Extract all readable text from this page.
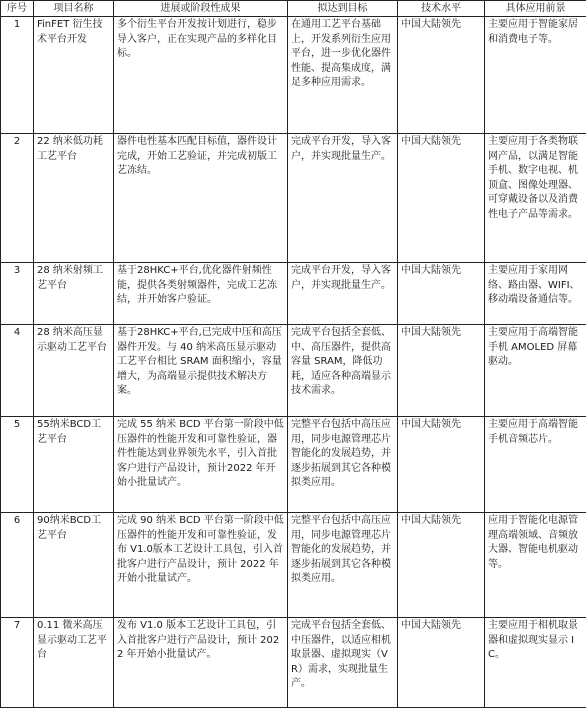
序号	项目名称	进展或阶段性成果	拟达到目标	技术水平	具体应用前景
1	FinFET 衍生技术平台开发	多个衍生平台开发按计划进行，稳步导入客户，正在实现产品的多样化目标。	在通用工艺平台基础上，开发系列衍生应用平台，进一步优化器件性能、提高集成度，满足多种应用需求。	中国大陆领先	主要应用于智能家居和消费电子等。
2	22 纳米低功耗工艺平台	器件电性基本匹配目标值，器件设计完成，开始工艺验证，并完成初版工艺冻结。	完成平台开发，导入客户，并实现批量生产。	中国大陆领先	主要应用于各类物联网产品，以满足智能手机、数字电视、机顶盒、图像处理器、可穿戴设备以及消费性电子产品等需求。
3	28 纳米射频工艺平台	基于28HKC+平台,优化器件射频性能，提供各类射频器件，完成工艺冻结，并开始客户验证。	完成平台开发，导入客户，并实现批量生产。	中国大陆领先	主要应用于家用网络、路由器、WIFI、移动端设备通信等。
4	28 纳米高压显示驱动工艺平台	基于28HKC+平台,已完成中压和高压器件开发。与 40 纳米高压显示驱动工艺平台相比 SRAM 面积缩小，容量增大，为高端显示提供技术解决方案。	完成平台包括全套低、中、高压器件，提供高容量 SRAM，降低功耗，适应各种高端显示技术需求。	中国大陆领先	主要应用于高端智能手机 AMOLED 屏幕驱动。
5	55纳米BCD工艺平台	完成 55 纳米 BCD 平台第一阶段中低压器件的性能开发和可靠性验证，器件性能达到业界领先水平，引入首批客户进行产品设计，预计2022 年开始小批量试产。	完整平台包括中高压应用，同步电源管理芯片智能化的发展趋势，并逐步拓展到其它各种模拟类应用。	中国大陆领先	主要应用于高端智能手机音频芯片。
6	90纳米BCD工艺平台	完成 90 纳米 BCD 平台第一阶段中低压器件的性能开发和可靠性验证，发布 V1.0版本工艺设计工具包，引入首批客户进行产品设计，预计 2022 年开始小批量试产。	完整平台包括中高压应用，同步电源管理芯片智能化的发展趋势，并逐步拓展到其它各种模拟类应用。	中国大陆领先	应用于智能化电源管理高端领域、音频放大器、智能电机驱动等。
7	0.11 微米高压显示驱动工艺平台	发布 V1.0 版本工艺设计工具包，引入首批客户进行产品设计，预计 2022 年开始小批量试产。	完成平台包括全套低、中压器件，以适应相机取景器、虚拟现实（VR）需求，实现批量生产。	中国大陆领先	主要应用于相机取景器和虚拟现实显示 IC。
